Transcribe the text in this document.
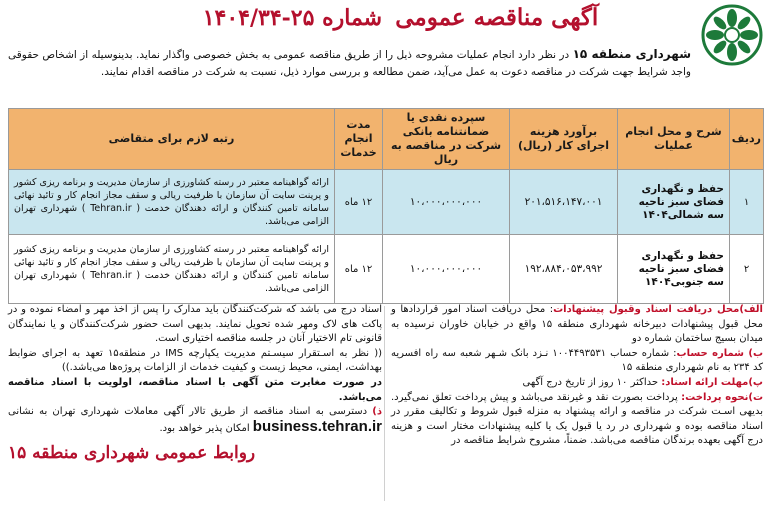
آگهی مناقصه عمومی شماره ۲۵-۱۴۰۴/۳۴
شهرداری منطقه ۱۵ در نظر دارد انجام عملیات مشروحه ذیل را از طریق مناقصه عمومی به بخش خصوصی واگذار نماید. بدینوسیله از اشخاص حقوقی واجد شرایط جهت شرکت در مناقصه دعوت به عمل می‌آید، ضمن مطالعه و بررسی موارد ذیل، نسبت به شرکت در مناقصه اقدام نمایند.
ردیف	شرح و محل انجام عملیات	برآورد هزینه اجرای کار (ریال)	سپرده نقدی یا ضمانتنامه بانکی شرکت در مناقصه به ریال	مدت انجام خدمات	رتبه لازم برای متقاضی
۱	حفظ و نگهداری فضای سبز ناحیه سه شمالی۱۴۰۴	۲۰۱،۵۱۶،۱۴۷،۰۰۱	۱۰،۰۰۰،۰۰۰،۰۰۰	۱۲ ماه	ارائه گواهینامه معتبر در رسته کشاورزی از سازمان مدیریت و برنامه ریزی کشور و پرینت سایت آن سازمان با ظرفیت ریالی و سقف مجاز انجام کار و تائید نهائی سامانه تامین کنندگان و ارائه دهندگان خدمت ( Tehran.ir ) شهرداری تهران الزامی می‌باشد.
۲	حفظ و نگهداری فضای سبز ناحیه سه جنوبی۱۴۰۴	۱۹۲،۸۸۴،۰۵۳،۹۹۲	۱۰،۰۰۰،۰۰۰،۰۰۰	۱۲ ماه	ارائه گواهینامه معتبر در رسته کشاورزی از سازمان مدیریت و برنامه ریزی کشور و پرینت سایت آن سازمان با ظرفیت ریالی و سقف مجاز انجام کار و تائید نهائی سامانه تامین کنندگان و ارائه دهندگان خدمت ( Tehran.ir ) شهرداری تهران الزامی می‌باشد.

الف)محل دریافت اسناد وقبول پیشنهادات: محل دریافت اسناد امور قراردادها و محل قبول پیشنهادات دبیرخانه شهرداری منطقه ۱۵ واقع در خیابان خاوران نرسیده به میدان بسیج ساختمان شماره دو

ب) شماره حساب: شماره حساب ۱۰۰۴۴۹۳۵۳۱ نـزد بانک شـهر شعبه سه راه افسریه کد ۲۳۴ به نام شهرداری منطقه ۱۵

پ)مهلت ارائه اسناد: حداکثر ۱۰ روز از تاریخ درج آگهی

ت)نحوه پرداخت: پرداخت بصورت نقد و غیرنقد می‌باشد و پیش پرداخت تعلق نمی‌گیرد. بدیهی اسـت شرکت در مناقصه و ارائه پیشنهاد به منزله قبول شروط و تکالیف مقرر در اسناد مناقصه بوده و شهرداری در رد یا قبول یک یا کلیه پیشنهادات مختار است و هزینه درج آگهی بعهده برندگان مناقصه می‌باشد. ضمناً، مشروح شرایط مناقصه در

اسناد درج می باشد که شرکت‌کنندگان باید مدارک را پس از اخذ مهر و امضاء نموده و در پاکت های لاک ومهر شده تحویل نمایند. بدیهی است حضور شرکت‌کنندگان و یا نمایندگان قانونی تام الاختیار آنان در جلسه مناقصه اختیاری است.

(( نظر به اسـتقرار سیسـتم مدیریت یکپارچه IMS در منطقه۱۵ تعهد به اجرای ضوابط بهداشت، ایمنی، محیط زیست و کیفیت خدمات از الزامات پروژه‌ها می‌باشد.))

در صورت مغایرت متن آگهی با اسناد مناقصه، اولویت با اسناد مناقصه می‌باشد.

ذ) دسترسی به اسناد مناقصه از طریق تالار آگهی معاملات شهرداری تهران به نشانی business.tehran.ir امکان پذیر خواهد بود.

روابط عمومی شهرداری منطقه ۱۵
